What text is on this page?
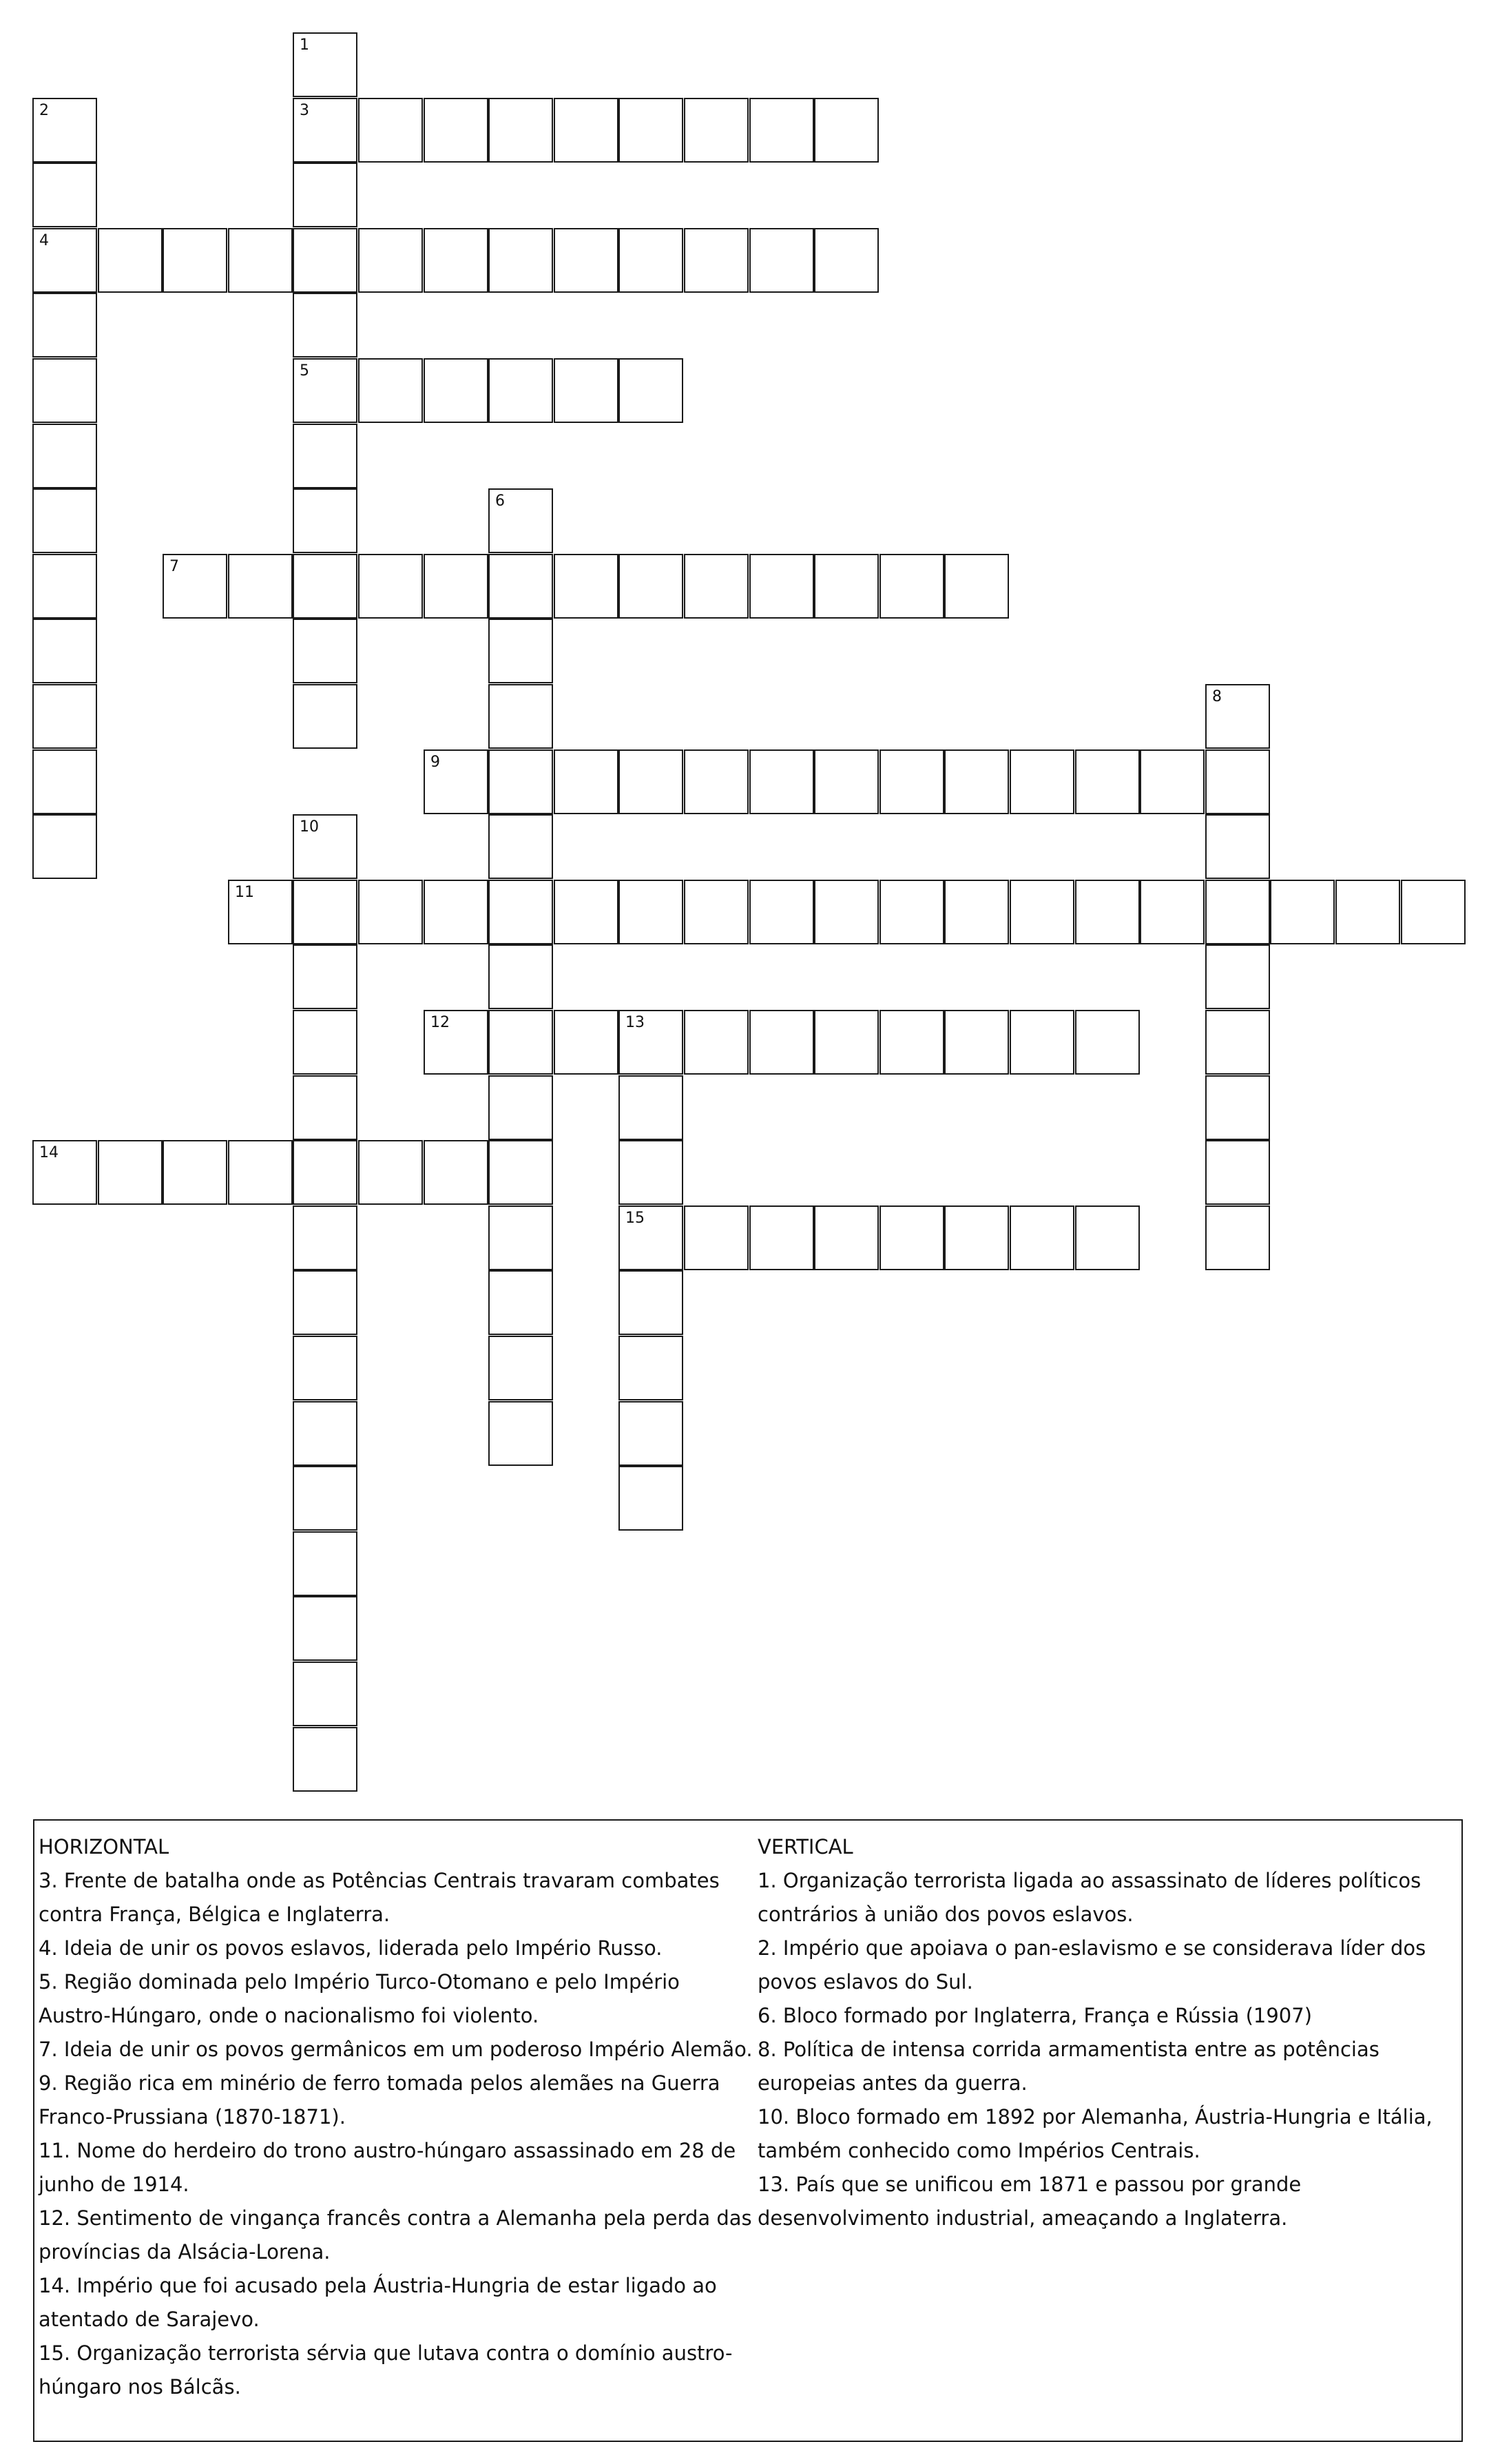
1
3
5
2
4
6
7
8
9
10
11
12	13
15
14
HORIZONTAL
3. Frente de batalha onde as Potências Centrais travaram combates contra França, Bélgica e Inglaterra.
4. Ideia de unir os povos eslavos, liderada pelo Império Russo.
5. Região dominada pelo Império Turco-Otomano e pelo Império Austro-Húngaro, onde o nacionalismo foi violento.
7. Ideia de unir os povos germânicos em um poderoso Império Alemão.
9. Região rica em minério de ferro tomada pelos alemães na Guerra Franco-Prussiana (1870-1871).
11. Nome do herdeiro do trono austro-húngaro assassinado em 28 de junho de 1914.
12. Sentimento de vingança francês contra a Alemanha pela perda das províncias da Alsácia-Lorena.
14. Império que foi acusado pela Áustria-Hungria de estar ligado ao atentado de Sarajevo.
15. Organização terrorista sérvia que lutava contra o domínio austro-húngaro nos Bálcãs.
VERTICAL
1. Organização terrorista ligada ao assassinato de líderes políticos contrários à união dos povos eslavos.
2. Império que apoiava o pan-eslavismo e se considerava líder dos povos eslavos do Sul.
6. Bloco formado por Inglaterra, França e Rússia (1907)
8. Política de intensa corrida armamentista entre as potências europeias antes da guerra.
10. Bloco formado em 1892 por Alemanha, Áustria-Hungria e Itália, também conhecido como Impérios Centrais.
13. País que se unificou em 1871 e passou por grande desenvolvimento industrial, ameaçando a Inglaterra.
